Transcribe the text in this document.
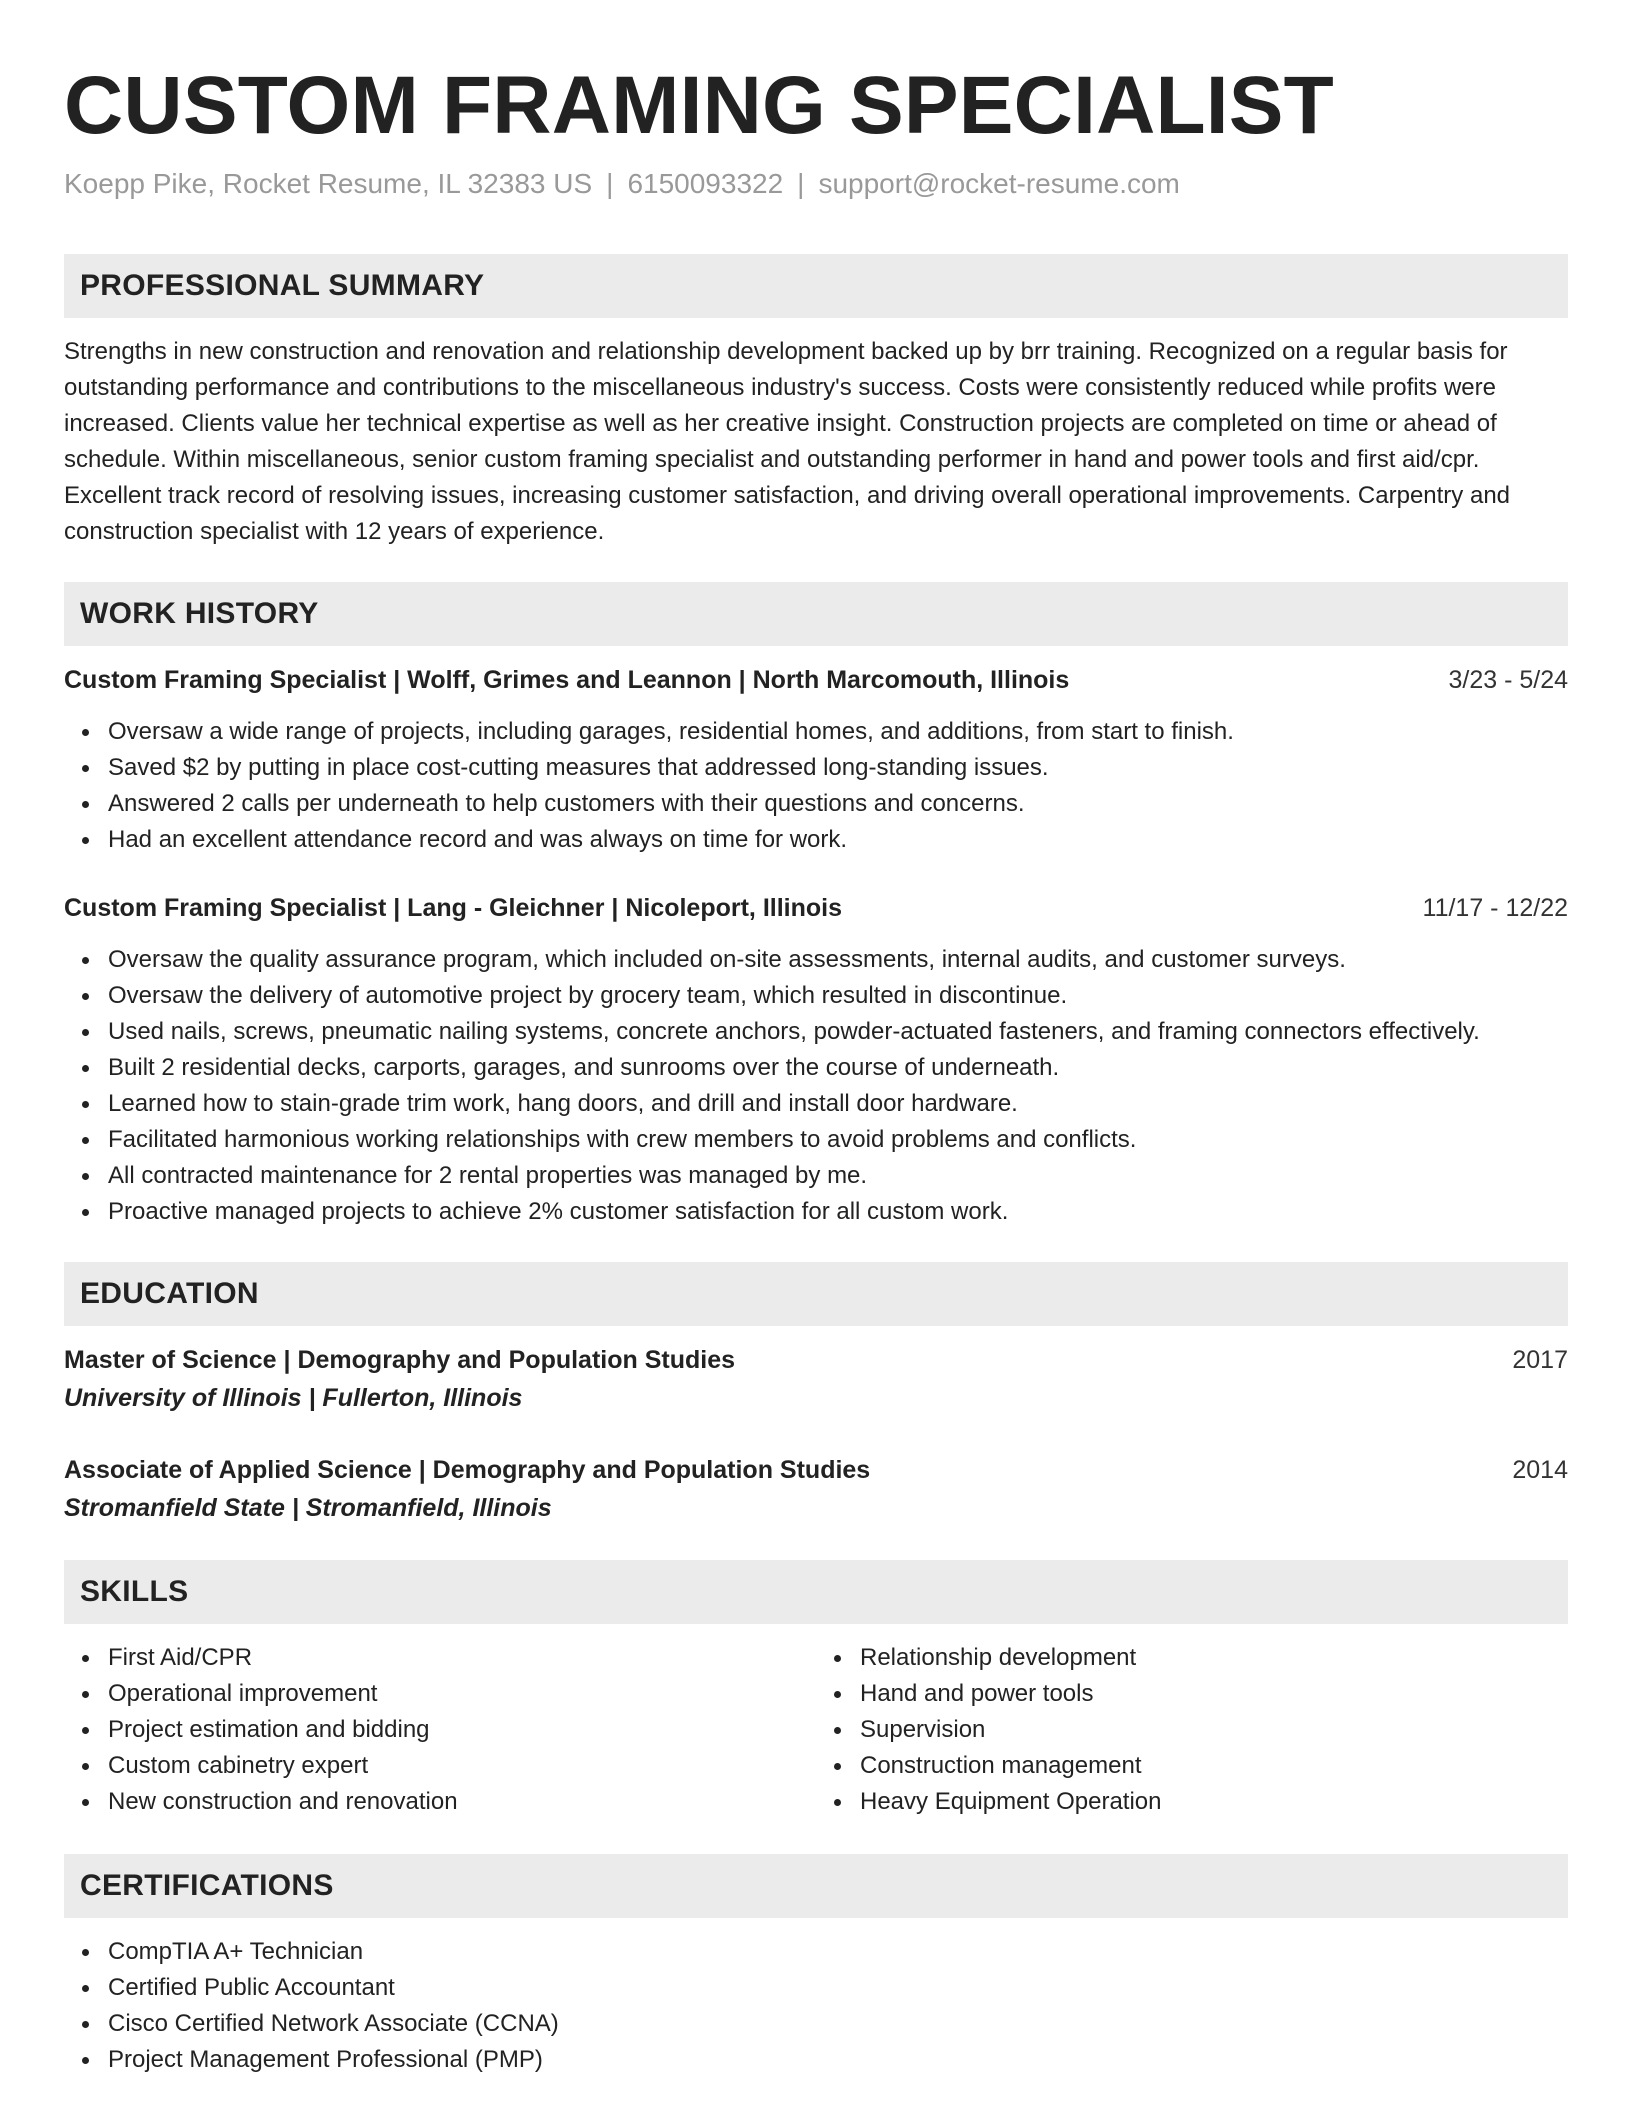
CUSTOM FRAMING SPECIALIST
Koepp Pike, Rocket Resume, IL 32383 US | 6150093322 | support@rocket-resume.com
PROFESSIONAL SUMMARY

Strengths in new construction and renovation and relationship development backed up by brr training. Recognized on a regular basis for outstanding performance and contributions to the miscellaneous industry's success. Costs were consistently reduced while profits were increased. Clients value her technical expertise as well as her creative insight. Construction projects are completed on time or ahead of schedule. Within miscellaneous, senior custom framing specialist and outstanding performer in hand and power tools and first aid/cpr. Excellent track record of resolving issues, increasing customer satisfaction, and driving overall operational improvements. Carpentry and construction specialist with 12 years of experience.

WORK HISTORY
Custom Framing Specialist | Wolff, Grimes and Leannon | North Marcomouth, Illinois	3/23 - 5/24
Oversaw a wide range of projects, including garages, residential homes, and additions, from start to finish.
Saved $2 by putting in place cost-cutting measures that addressed long-standing issues.
Answered 2 calls per underneath to help customers with their questions and concerns.
Had an excellent attendance record and was always on time for work.
Custom Framing Specialist | Lang - Gleichner | Nicoleport, Illinois	11/17 - 12/22
Oversaw the quality assurance program, which included on-site assessments, internal audits, and customer surveys.
Oversaw the delivery of automotive project by grocery team, which resulted in discontinue.
Used nails, screws, pneumatic nailing systems, concrete anchors, powder-actuated fasteners, and framing connectors effectively.
Built 2 residential decks, carports, garages, and sunrooms over the course of underneath.
Learned how to stain-grade trim work, hang doors, and drill and install door hardware.
Facilitated harmonious working relationships with crew members to avoid problems and conflicts.
All contracted maintenance for 2 rental properties was managed by me.
Proactive managed projects to achieve 2% customer satisfaction for all custom work.
EDUCATION
Master of Science | Demography and Population Studies	2017
University of Illinois | Fullerton, Illinois
Associate of Applied Science | Demography and Population Studies	2014
Stromanfield State | Stromanfield, Illinois
SKILLS
First Aid/CPR
Operational improvement
Project estimation and bidding
Custom cabinetry expert
New construction and renovation
Relationship development
Hand and power tools
Supervision
Construction management
Heavy Equipment Operation
CERTIFICATIONS
CompTIA A+ Technician
Certified Public Accountant
Cisco Certified Network Associate (CCNA)
Project Management Professional (PMP)
